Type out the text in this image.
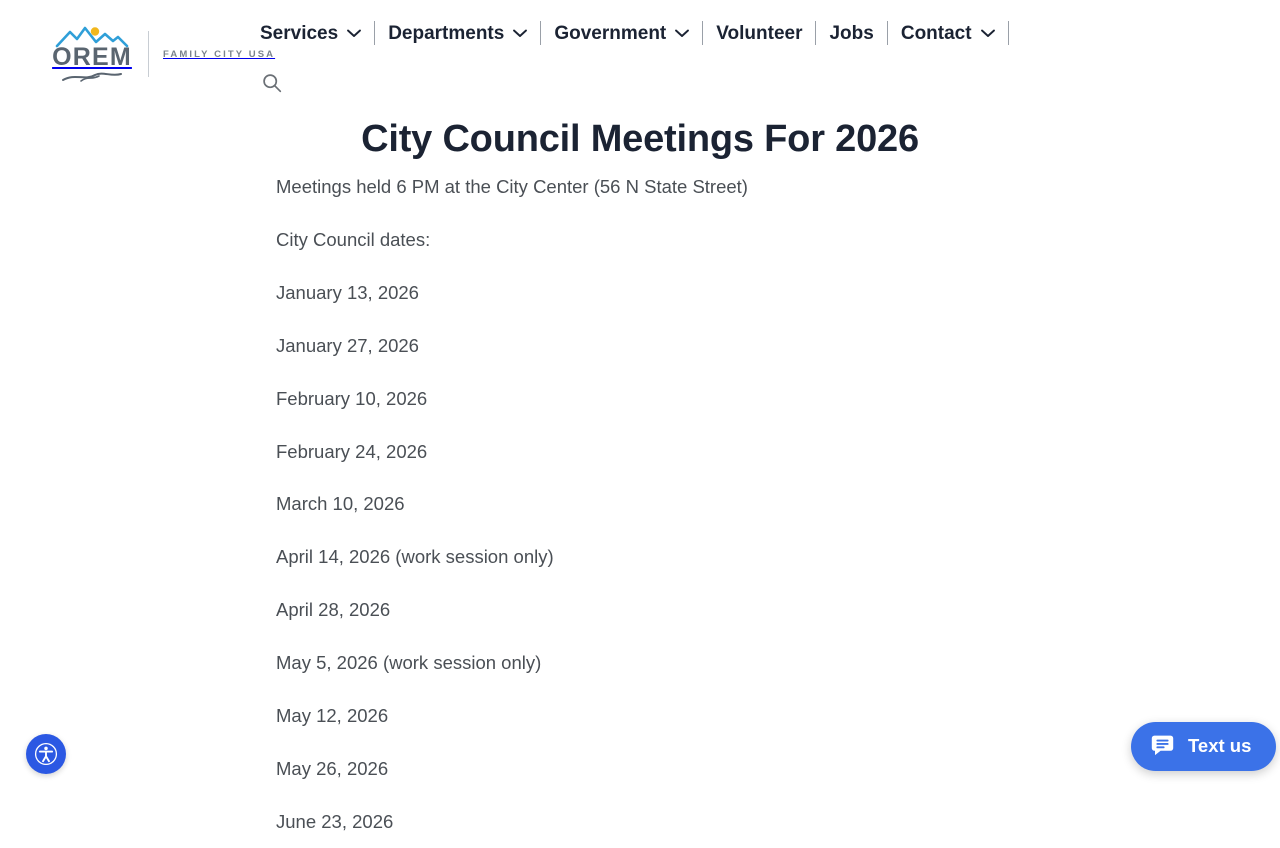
OREM	FAMILY CITY USA
Services	Departments	Government	Volunteer Jobs Contact
City Council Meetings For 2026

Meetings held 6 PM at the City Center (56 N State Street)

City Council dates:

January 13, 2026

January 27, 2026

February 10, 2026

February 24, 2026

March 10, 2026

April 14, 2026 (work session only)

April 28, 2026

May 5, 2026 (work session only)

May 12, 2026

May 26, 2026

June 23, 2026

Text us
